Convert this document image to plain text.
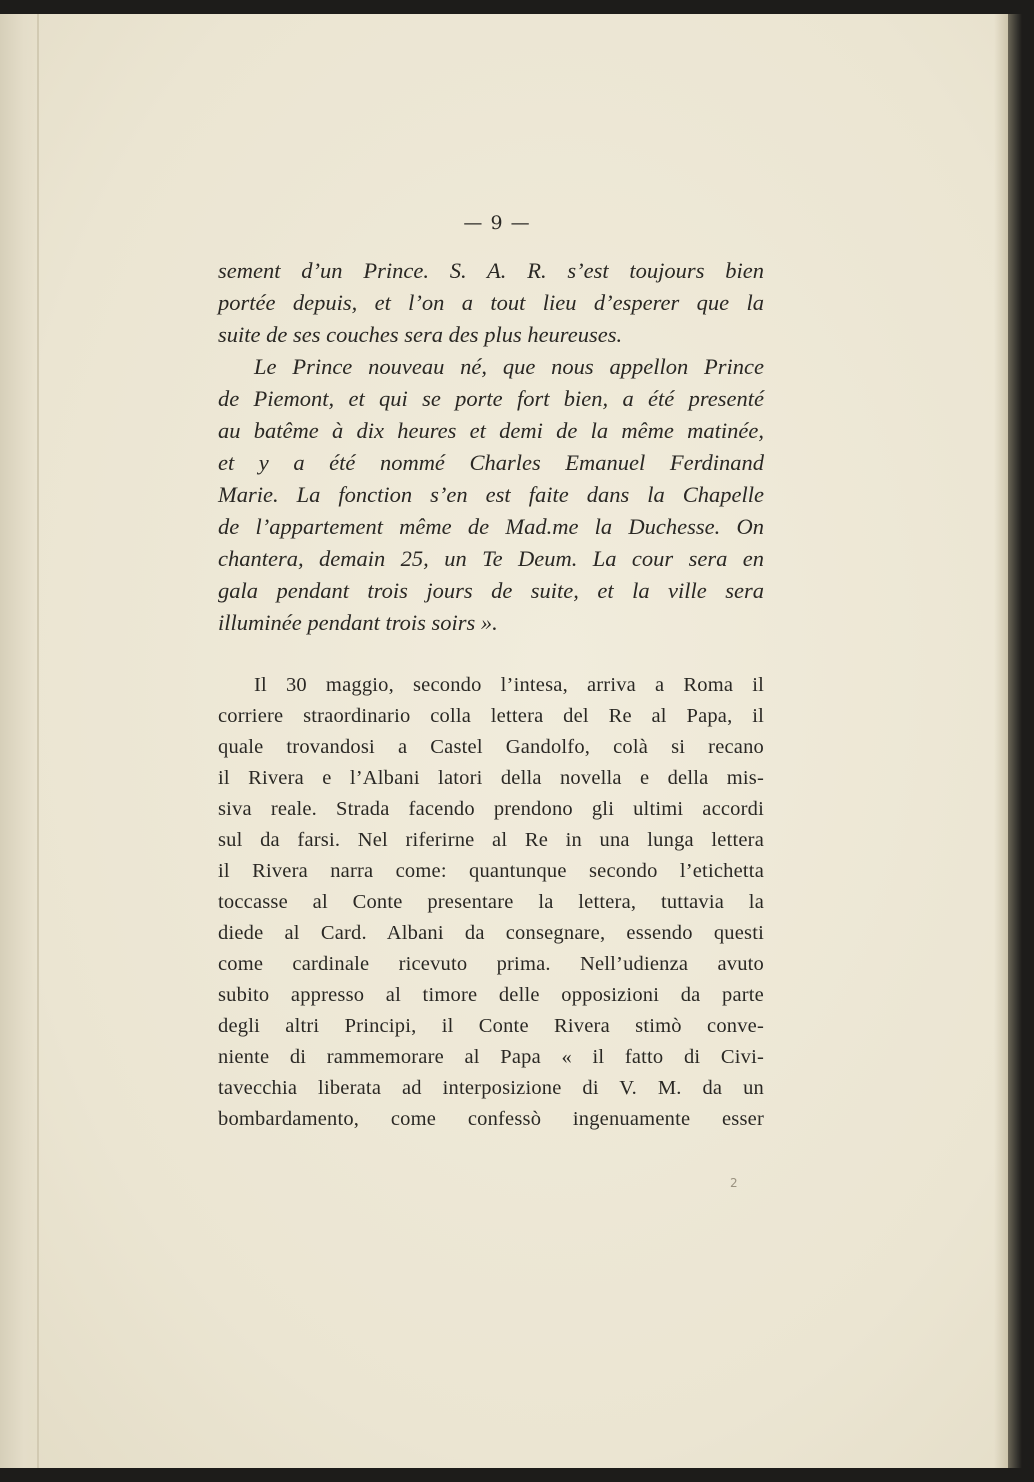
— 9 —
sement d’un Prince. S. A. R. s’est toujours bien
portée depuis, et l’on a tout lieu d’esperer que la
suite de ses couches sera des plus heureuses.
Le Prince nouveau né, que nous appellon Prince
de Piemont, et qui se porte fort bien, a été presenté
au batême à dix heures et demi de la même matinée,
et y a été nommé Charles Emanuel Ferdinand
Marie. La fonction s’en est faite dans la Chapelle
de l’appartement même de Mad.me la Duchesse. On
chantera, demain 25, un Te Deum. La cour sera en
gala pendant trois jours de suite, et la ville sera
illuminée pendant trois soirs ».
Il 30 maggio, secondo l’intesa, arriva a Roma il
corriere straordinario colla lettera del Re al Papa, il
quale trovandosi a Castel Gandolfo, colà si recano
il Rivera e l’Albani latori della novella e della mis-
siva reale. Strada facendo prendono gli ultimi accordi
sul da farsi. Nel riferirne al Re in una lunga lettera
il Rivera narra come: quantunque secondo l’etichetta
toccasse al Conte presentare la lettera, tuttavia la
diede al Card. Albani da consegnare, essendo questi
come cardinale ricevuto prima. Nell’udienza avuto
subito appresso al timore delle opposizioni da parte
degli altri Principi, il Conte Rivera stimò conve-
niente di rammemorare al Papa « il fatto di Civi-
tavecchia liberata ad interposizione di V. M. da un
bombardamento, come confessò ingenuamente esser
2
